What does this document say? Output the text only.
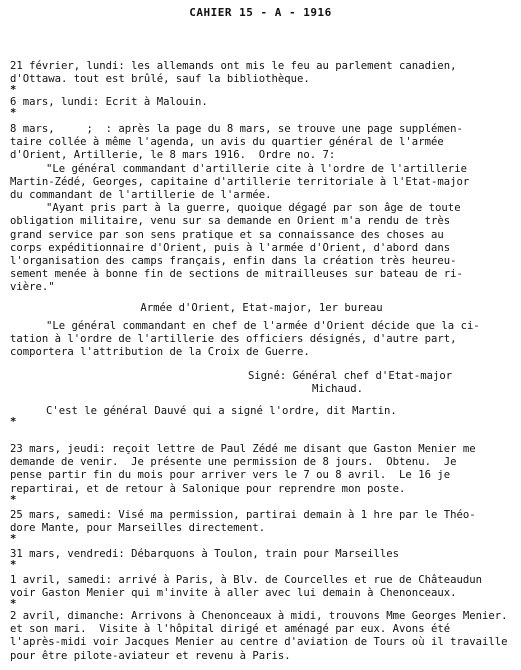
CAHIER 15 - A - 1916
21 février, lundi: les allemands ont mis le feu au parlement canadien,
d'Ottawa. tout est brûlé, sauf la bibliothèque.
*
6 mars, lundi: Ecrit à Malouin.
*
8 mars,     ;  : après la page du 8 mars, se trouve une page supplémen-
taire collée à même l'agenda, un avis du quartier général de l'armée
d'Orient, Artillerie, le 8 mars 1916.  Ordre no. 7:
"Le général commandant d'artillerie cite à l'ordre de l'artillerie
Martin-Zédé, Georges, capitaine d'artillerie territoriale à l'Etat-major
du commandant de l'artillerie de l'armée.
"Ayant pris part à la guerre, quoique dégagé par son âge de toute
obligation militaire, venu sur sa demande en Orient m'a rendu de très
grand service par son sens pratique et sa connaissance des choses au
corps expéditionnaire d'Orient, puis à l'armée d'Orient, d'abord dans
l'organisation des camps français, enfin dans la création très heureu-
sement menée à bonne fin de sections de mitrailleuses sur bateau de ri-
vière."
Armée d'Orient, Etat-major, 1er bureau
"Le général commandant en chef de l'armée d'Orient décide que la ci-
tation à l'ordre de l'artillerie des officiers désignés, d'autre part,
comportera l'attribution de la Croix de Guerre.
Signé: Général chef d'Etat-major
Michaud.
C'est le général Dauvé qui a signé l'ordre, dit Martin.
*
23 mars, jeudi: reçoit lettre de Paul Zédé me disant que Gaston Menier me
demande de venir.  Je présente une permission de 8 jours.  Obtenu.  Je
pense partir fin du mois pour arriver vers le 7 ou 8 avril.  Le 16 je
repartirai, et de retour à Salonique pour reprendre mon poste.
*
25 mars, samedi: Visé ma permission, partirai demain à 1 hre par le Théo-
dore Mante, pour Marseilles directement.
*
31 mars, vendredi: Débarquons à Toulon, train pour Marseilles
*
1 avril, samedi: arrivé à Paris, à Blv. de Courcelles et rue de Châteaudun
voir Gaston Menier qui m'invite à aller avec lui demain à Chenonceaux.
*
2 avril, dimanche: Arrivons à Chenonceaux à midi, trouvons Mme Georges Menier.
et son mari.  Visite à l'hôpital dirigé et aménagé par eux. Avons été
l'après-midi voir Jacques Menier au centre d'aviation de Tours où il travaille
pour être pilote-aviateur et revenu à Paris.
